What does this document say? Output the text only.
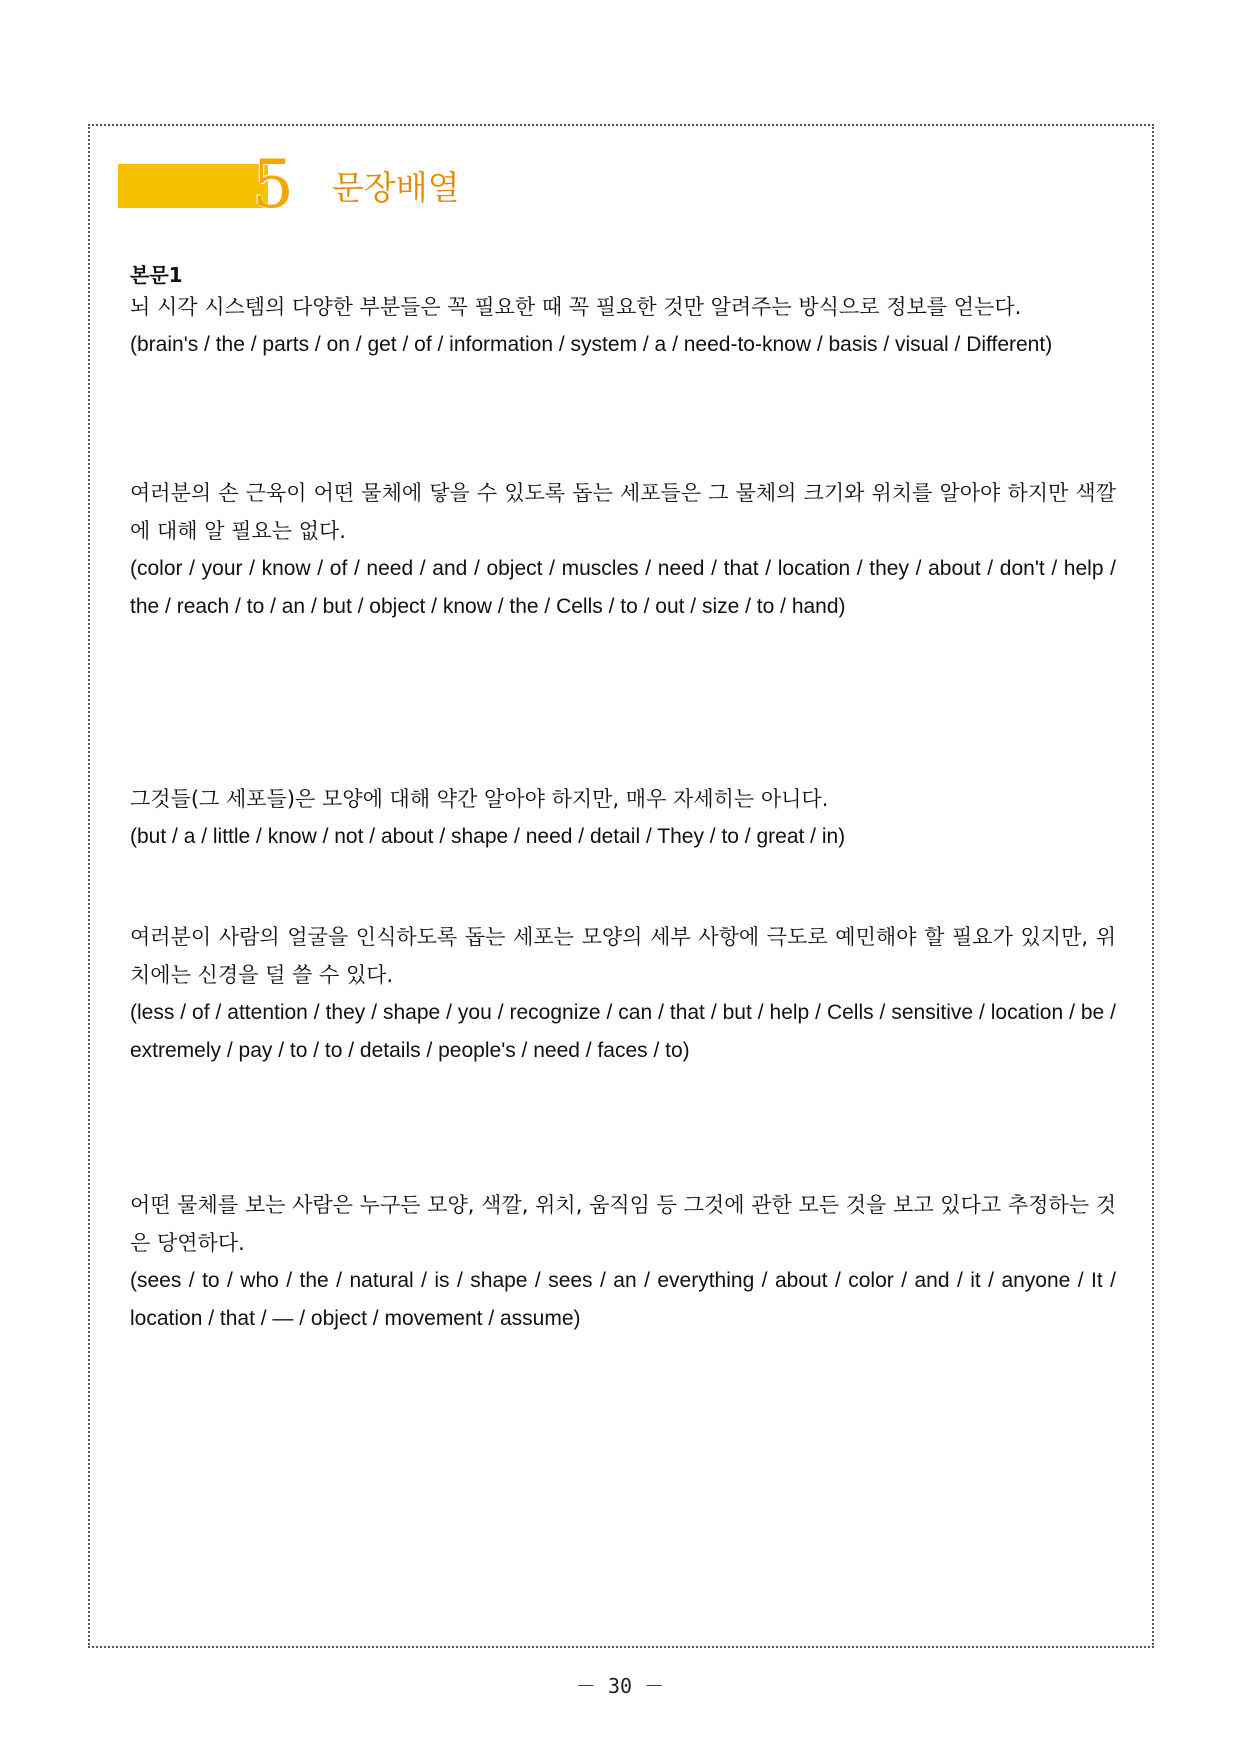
5 문장배열

본문1

뇌 시각 시스템의 다양한 부분들은 꼭 필요한 때 꼭 필요한 것만 알려주는 방식으로 정보를 얻는다.

(brain's / the / parts / on / get / of / information / system / a / need-to-know / basis / visual / Different)

여러분의 손 근육이 어떤 물체에 닿을 수 있도록 돕는 세포들은 그 물체의 크기와 위치를 알아야 하지만 색깔에 대해 알 필요는 없다.

(color / your / know / of / need / and / object / muscles / need / that / location / they / about / don't / help / the / reach / to / an / but / object / know / the / Cells / to / out / size / to / hand)

그것들(그 세포들)은 모양에 대해 약간 알아야 하지만, 매우 자세히는 아니다.

(but / a / little / know / not / about / shape / need / detail / They / to / great / in)

여러분이 사람의 얼굴을 인식하도록 돕는 세포는 모양의 세부 사항에 극도로 예민해야 할 필요가 있지만, 위치에는 신경을 덜 쓸 수 있다.

(less / of / attention / they / shape / you / recognize / can / that / but / help / Cells / sensitive / location / be / extremely / pay / to / to / details / people's / need / faces / to)

어떤 물체를 보는 사람은 누구든 모양, 색깔, 위치, 움직임 등 그것에 관한 모든 것을 보고 있다고 추정하는 것은 당연하다.

(sees / to / who / the / natural / is / shape / sees / an / everything / about / color / and / it / anyone / It / location / that / — / object / movement / assume)

－ 30 －
